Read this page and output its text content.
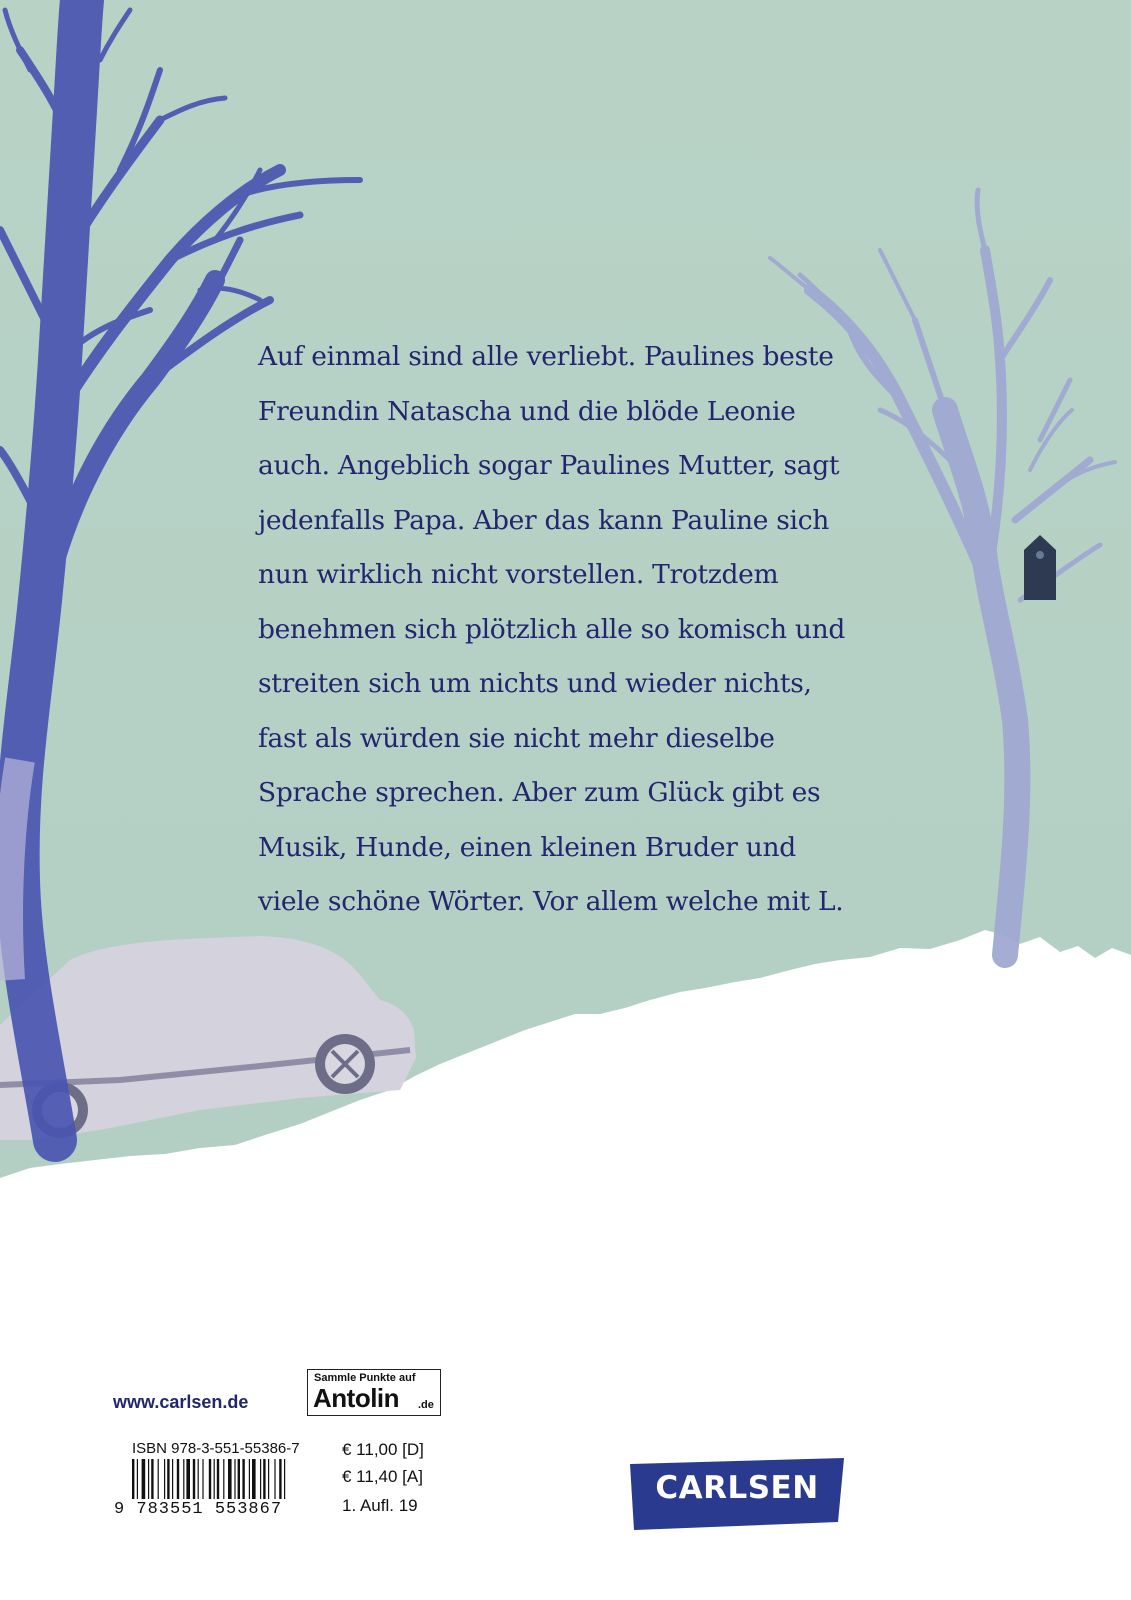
Auf einmal sind alle verliebt. Paulines beste
Freundin Natascha und die blöde Leonie
auch. Angeblich sogar Paulines Mutter, sagt
jedenfalls Papa. Aber das kann Pauline sich
nun wirklich nicht vorstellen. Trotzdem
benehmen sich plötzlich alle so komisch und
streiten sich um nichts und wieder nichts,
fast als würden sie nicht mehr dieselbe
Sprache sprechen. Aber zum Glück gibt es
Musik, Hunde, einen kleinen Bruder und
viele schöne Wörter. Vor allem welche mit L.
www.carlsen.de
Sammle Punkte auf
Antolin .de
ISBN 978-3-551-55386-7
9 783551 553867
€ 11,00 [D]
€ 11,40 [A]
1. Aufl. 19	CARLSEN
